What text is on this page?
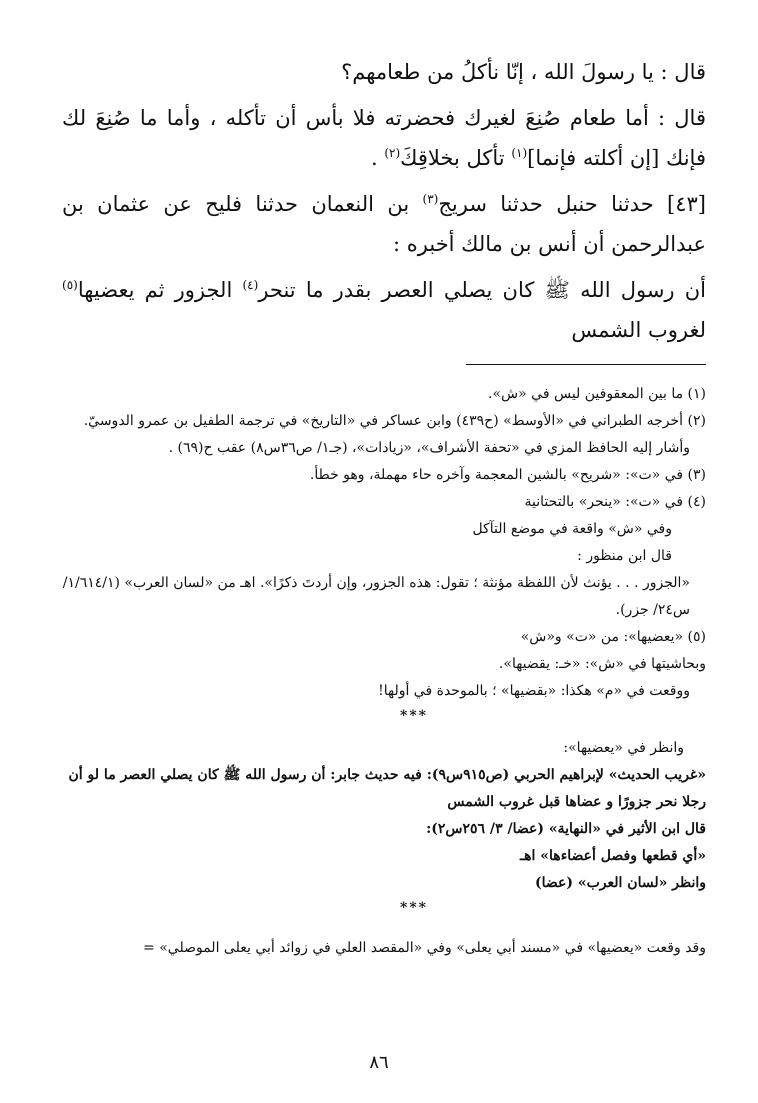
قال : يا رسولَ الله ، إنّا نأكلُ من طعامهم؟

قال : أما طعام صُنِعَ لغيرك فحضرته فلا بأس أن تأكله ، وأما ما صُنِعَ لك فإنك [إن أكلته فإنما]$^{(١)}$ تأكل بخلاقِكَ$^{(٢)}$ .

[٤٣] حدثنا حنبل حدثنا سريج$^{(٣)}$ بن النعمان حدثنا فليح عن عثمان بن عبدالرحمن أن أنس بن مالك أخبره :

أن رسول الله ﷺ كان يصلي العصر بقدر ما تنحر$^{(٤)}$ الجزور ثم يعضيها$^{(٥)}$ لغروب الشمس

(١) ما بين المعقوفين ليس في «ش».

(٢) أخرجه الطبراني في «الأوسط» (ح٤٣٩) وابن عساكر في «التاريخ» في ترجمة الطفيل بن عمرو الدوسيّ.

وأشار إليه الحافظ المزي في «تحفة الأشراف»، «زيادات»، (جـ١/ ص٣٦س٨) عقب ح(٦٩) .

(٣) في «ت»: «شريح» بالشين المعجمة وآخره حاء مهملة، وهو خطأ.

(٤) في «ت»: «ينحر» بالتحتانية

وفي «ش» واقعة في موضع التآكل

قال ابن منظور :

«الجزور . . . يؤنث لأن اللفظة مؤنثة ؛ تقول: هذه الجزور، وإن أردتَ ذكرًا». اهـ من «لسان العرب» (١/٦١٤/١/ س٢٤/ جزر).

(٥) «يعضيها»: من «ت» و«ش»

وبحاشيتها في «ش»: «خـ: يقضيها».

ووقعت في «م» هكذا: «بقضيها» ؛ بالموحدة في أولها!

***

وانظر في «يعضيها»:

«غريب الحديث» لإبراهيم الحربي (ص٩١٥س٩): فيه حديث جابر: أن رسول الله ﷺ كان يصلي العصر ما لو أن رجلا نحر جزورًا و عضاها قبل غروب الشمس

قال ابن الأثير في «النهاية» (عضا/ ٣/ ٢٥٦س٢):

«أي قطعها وفصل أعضاءها» اهـ

وانظر «لسان العرب» (عضا)

***

وقد وقعت «يعضيها» في «مسند أبي يعلى» وفي «المقصد العلي في زوائد أبي يعلى الموصلي» =

٨٦
